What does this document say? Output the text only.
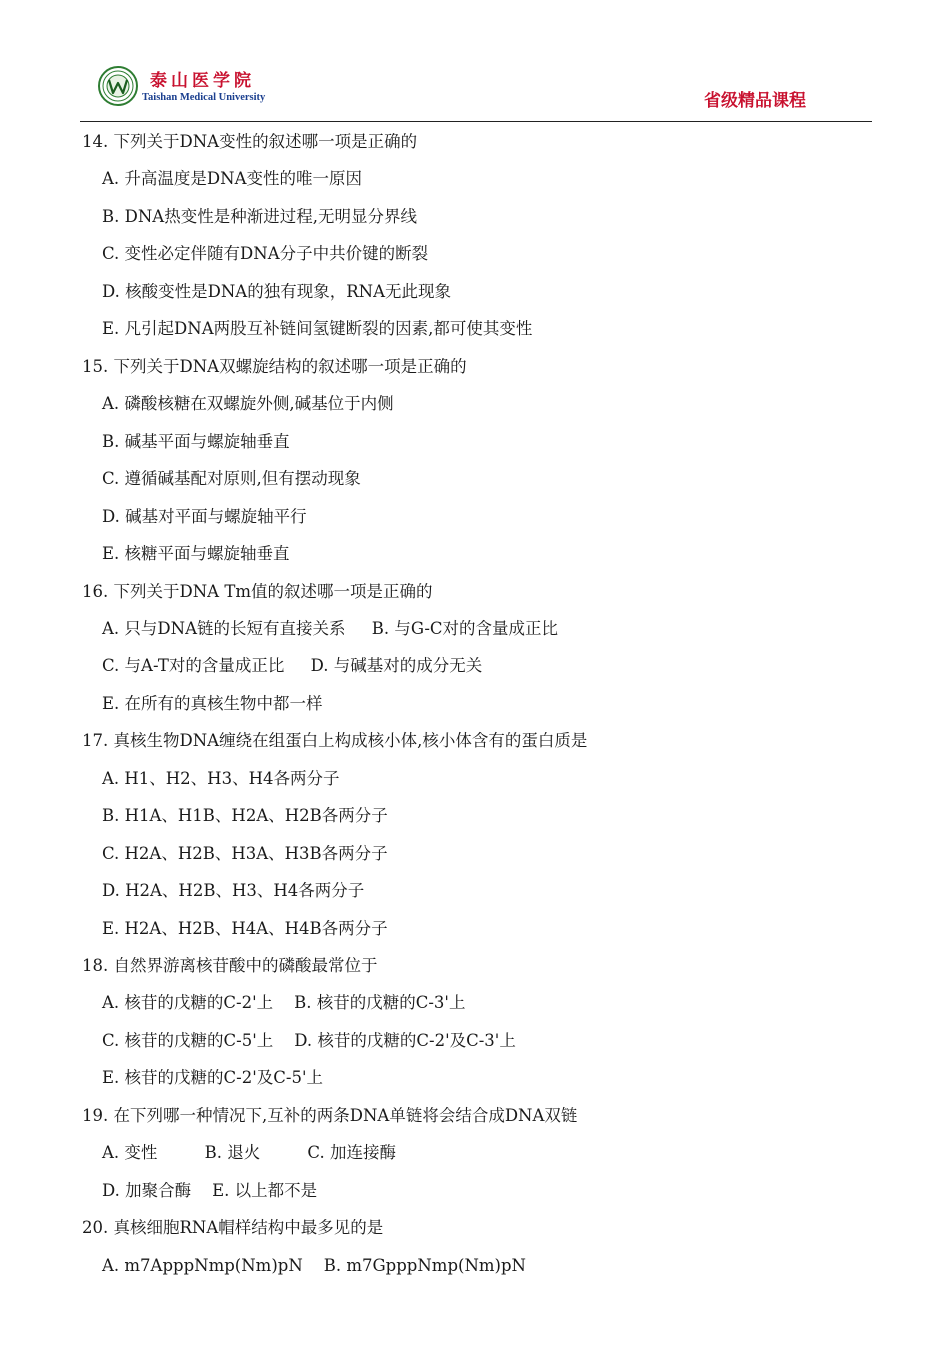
泰山医学院
Taishan Medical University	省级精品课程
14. 下列关于DNA变性的叙述哪一项是正确的
A. 升高温度是DNA变性的唯一原因
B. DNA热变性是种渐进过程,无明显分界线
C. 变性必定伴随有DNA分子中共价键的断裂
D. 核酸变性是DNA的独有现象，RNA无此现象
E. 凡引起DNA两股互补链间氢键断裂的因素,都可使其变性
15. 下列关于DNA双螺旋结构的叙述哪一项是正确的
A. 磷酸核糖在双螺旋外侧,碱基位于内侧
B. 碱基平面与螺旋轴垂直
C. 遵循碱基配对原则,但有摆动现象
D. 碱基对平面与螺旋轴平行
E. 核糖平面与螺旋轴垂直
16. 下列关于DNA Tm值的叙述哪一项是正确的
A. 只与DNA链的长短有直接关系     B. 与G-C对的含量成正比
C. 与A-T对的含量成正比     D. 与碱基对的成分无关
E. 在所有的真核生物中都一样
17. 真核生物DNA缠绕在组蛋白上构成核小体,核小体含有的蛋白质是
A. H1、H2、H3、H4各两分子
B. H1A、H1B、H2A、H2B各两分子
C. H2A、H2B、H3A、H3B各两分子
D. H2A、H2B、H3、H4各两分子
E. H2A、H2B、H4A、H4B各两分子
18. 自然界游离核苷酸中的磷酸最常位于
A. 核苷的戊糖的C-2'上    B. 核苷的戊糖的C-3'上
C. 核苷的戊糖的C-5'上    D. 核苷的戊糖的C-2'及C-3'上
E. 核苷的戊糖的C-2'及C-5'上
19. 在下列哪一种情况下,互补的两条DNA单链将会结合成DNA双链
A. 变性         B. 退火         C. 加连接酶
D. 加聚合酶    E. 以上都不是
20. 真核细胞RNA帽样结构中最多见的是
A. m7ApppNmp(Nm)pN    B. m7GpppNmp(Nm)pN
